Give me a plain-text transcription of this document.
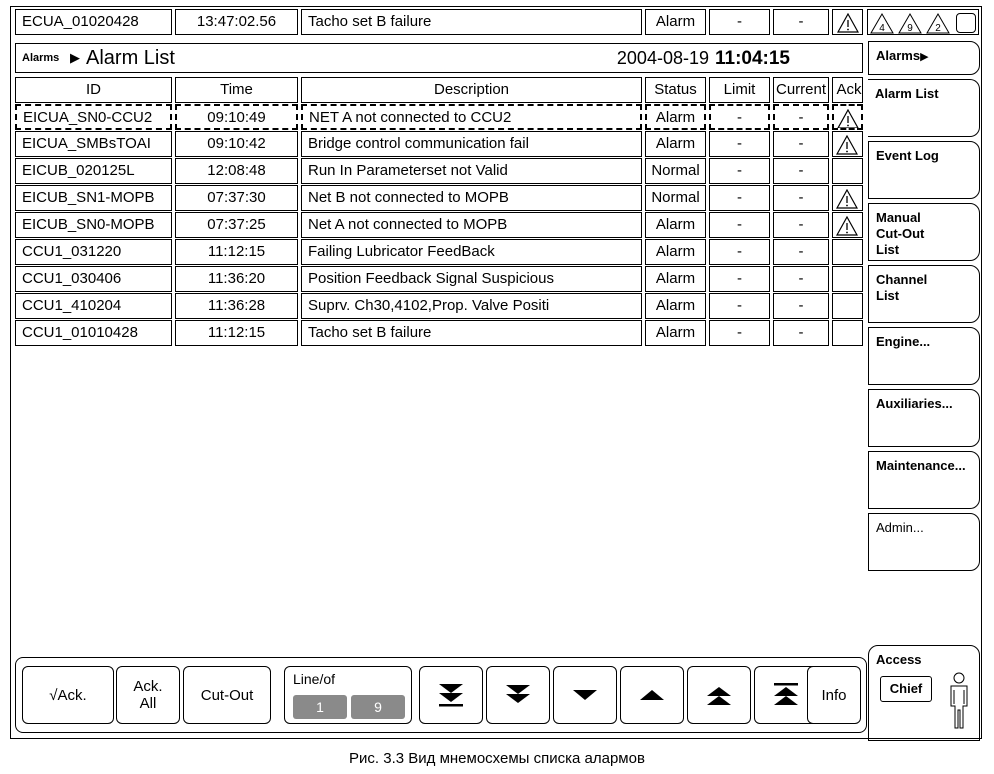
ECUA_01020428	13:47:02.56	Tacho set B failure	Alarm	-	-	4
9
2

Alarms ▶ Alarm List	2004-08-19 11:04:15
ID	Time	Description	Status	Limit	Current Ack
EICUA_SN0-CCU2	09:10:49	NET A not connected to CCU2	Alarm	-	-
EICUA_SMBsTOAI	09:10:42	Bridge control communication fail	Alarm	-	-
EICUB_020125L	12:08:48	Run In Parameterset not Valid	Normal	-	-
EICUB_SN1-MOPB	07:37:30	Net B not connected to MOPB	Normal	-	-
EICUB_SN0-MOPB	07:37:25	Net A not connected to MOPB	Alarm	-	-
CCU1_031220	11:12:15	Failing Lubricator FeedBack	Alarm	-	-
CCU1_030406	11:36:20	Position Feedback Signal Suspicious	Alarm	-	-
CCU1_410204	11:36:28	Suprv. Ch30,4102,Prop. Valve Positi	Alarm	-	-
CCU1_01010428	11:12:15	Tacho set B failure	Alarm	-	-
√Ack.	Ack.
All	Cut-Out
Line/of
1	9
Info
Alarms▶
Alarm List
Event Log
Manual
Cut-Out
List
Channel
List
Engine...
Auxiliaries...
Maintenance...
Admin...
Access
Chief
Рис. 3.3 Вид мнемосхемы списка алармов
